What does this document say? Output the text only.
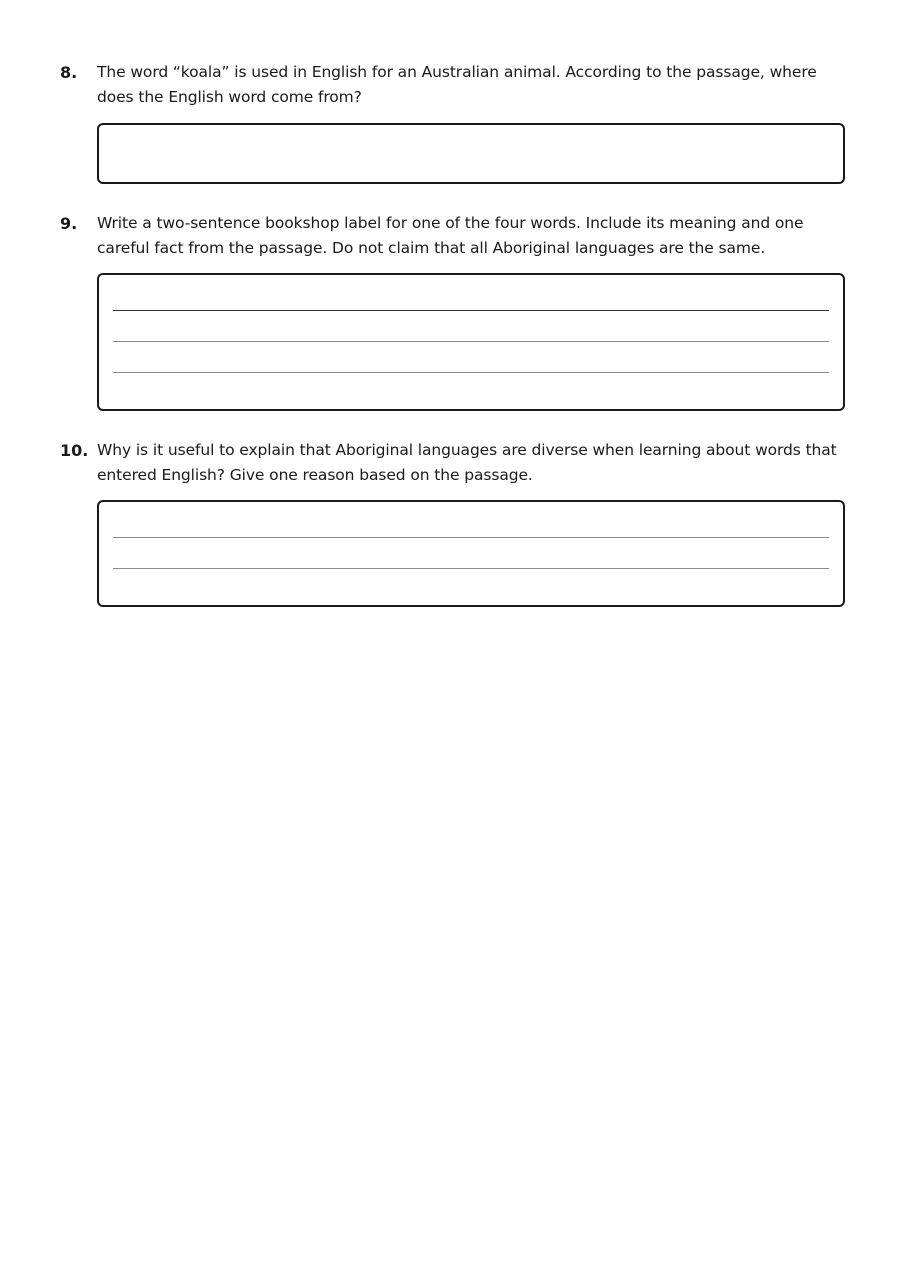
8.	The word “koala” is used in English for an Australian animal. According to the passage, where does the English word come from?
9.	Write a two-sentence bookshop label for one of the four words. Include its meaning and one careful fact from the passage. Do not claim that all Aboriginal languages are the same.
10. Why is it useful to explain that Aboriginal languages are diverse when learning about words that entered English? Give one reason based on the passage.
